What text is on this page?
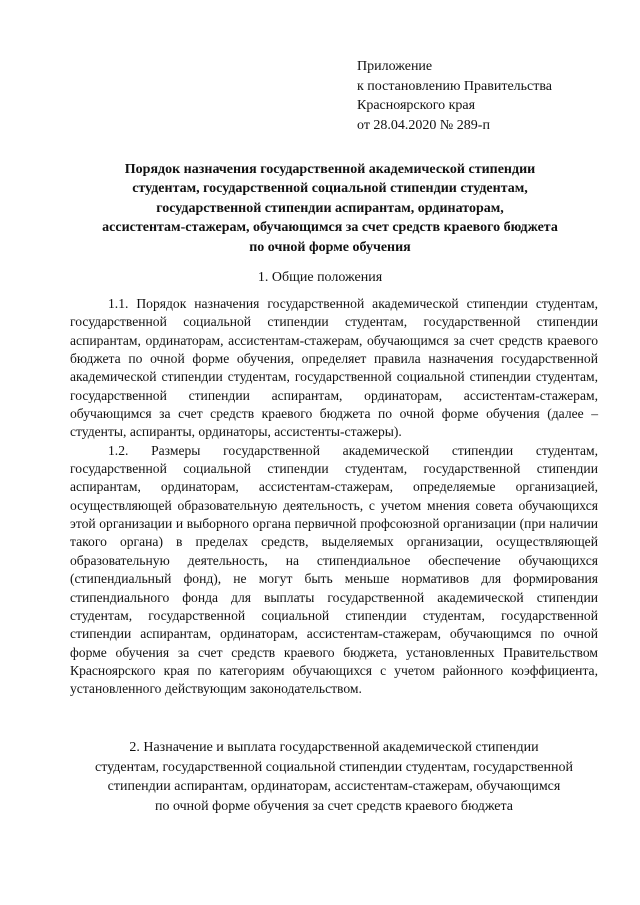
Приложение
к постановлению Правительства
Красноярского края
от 28.04.2020 № 289-п
Порядок назначения государственной академической стипендии
студентам, государственной социальной стипендии студентам,
государственной стипендии аспирантам, ординаторам,
ассистентам-стажерам, обучающимся за счет средств краевого бюджета
по очной форме обучения
1. Общие положения

1.1. Порядок назначения государственной академической стипендии студентам, государственной социальной стипендии студентам, государственной стипендии аспирантам, ординаторам, ассистентам-стажерам, обучающимся за счет средств краевого бюджета по очной форме обучения, определяет правила назначения государственной академической стипендии студентам, государственной социальной стипендии студентам, государственной стипендии аспирантам, ординаторам, ассистентам-стажерам, обучающимся за счет средств краевого бюджета по очной форме обучения (далее – студенты, аспиранты, ординаторы, ассистенты-стажеры).

1.2. Размеры государственной академической стипендии студентам, государственной социальной стипендии студентам, государственной стипендии аспирантам, ординаторам, ассистентам-стажерам, определяемые организацией, осуществляющей образовательную деятельность, с учетом мнения совета обучающихся этой организации и выборного органа первичной профсоюзной организации (при наличии такого органа) в пределах средств, выделяемых организации, осуществляющей образовательную деятельность, на стипендиальное обеспечение обучающихся (стипендиальный фонд), не могут быть меньше нормативов для формирования стипендиального фонда для выплаты государственной академической стипендии студентам, государственной социальной стипендии студентам, государственной стипендии аспирантам, ординаторам, ассистентам-стажерам, обучающимся по очной форме обучения за счет средств краевого бюджета, установленных Правительством Красноярского края по категориям обучающихся с учетом районного коэффициента, установленного действующим законодательством.

2. Назначение и выплата государственной академической стипендии
студентам, государственной социальной стипендии студентам, государственной
стипендии аспирантам, ординаторам, ассистентам-стажерам, обучающимся
по очной форме обучения за счет средств краевого бюджета
